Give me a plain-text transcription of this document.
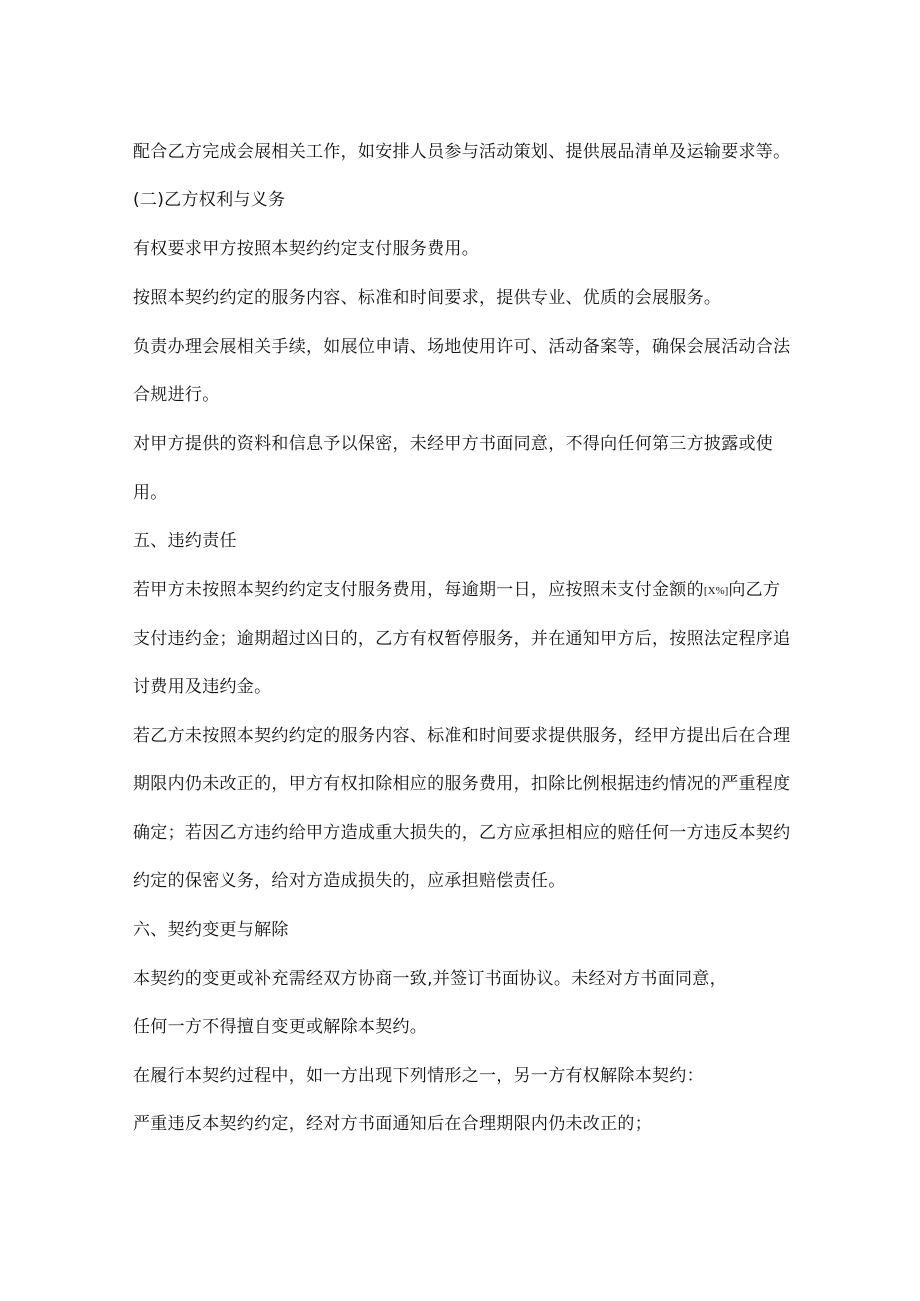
配合乙方完成会展相关工作，如安排人员参与活动策划、提供展品清单及运输要求等。
(二)乙方权利与义务
有权要求甲方按照本契约约定支付服务费用。
按照本契约约定的服务内容、标准和时间要求，提供专业、优质的会展服务。
负责办理会展相关手续，如展位申请、场地使用许可、活动备案等，确保会展活动合法
合规进行。
对甲方提供的资料和信息予以保密，未经甲方书面同意，不得向任何第三方披露或使
用。
五、违约责任
若甲方未按照本契约约定支付服务费用，每逾期一日，应按照未支付金额的[X%]向乙方
支付违约金；逾期超过凶日的，乙方有权暂停服务，并在通知甲方后，按照法定程序追
讨费用及违约金。
若乙方未按照本契约约定的服务内容、标准和时间要求提供服务，经甲方提出后在合理
期限内仍未改正的，甲方有权扣除相应的服务费用，扣除比例根据违约情况的严重程度
确定；若因乙方违约给甲方造成重大损失的，乙方应承担相应的赔任何一方违反本契约
约定的保密义务，给对方造成损失的，应承担赔偿责任。
六、契约变更与解除
本契约的变更或补充需经双方协商一致,并签订书面协议。未经对方书面同意，
任何一方不得擅自变更或解除本契约。
在履行本契约过程中，如一方出现下列情形之一，另一方有权解除本契约：
严重违反本契约约定，经对方书面通知后在合理期限内仍未改正的；
